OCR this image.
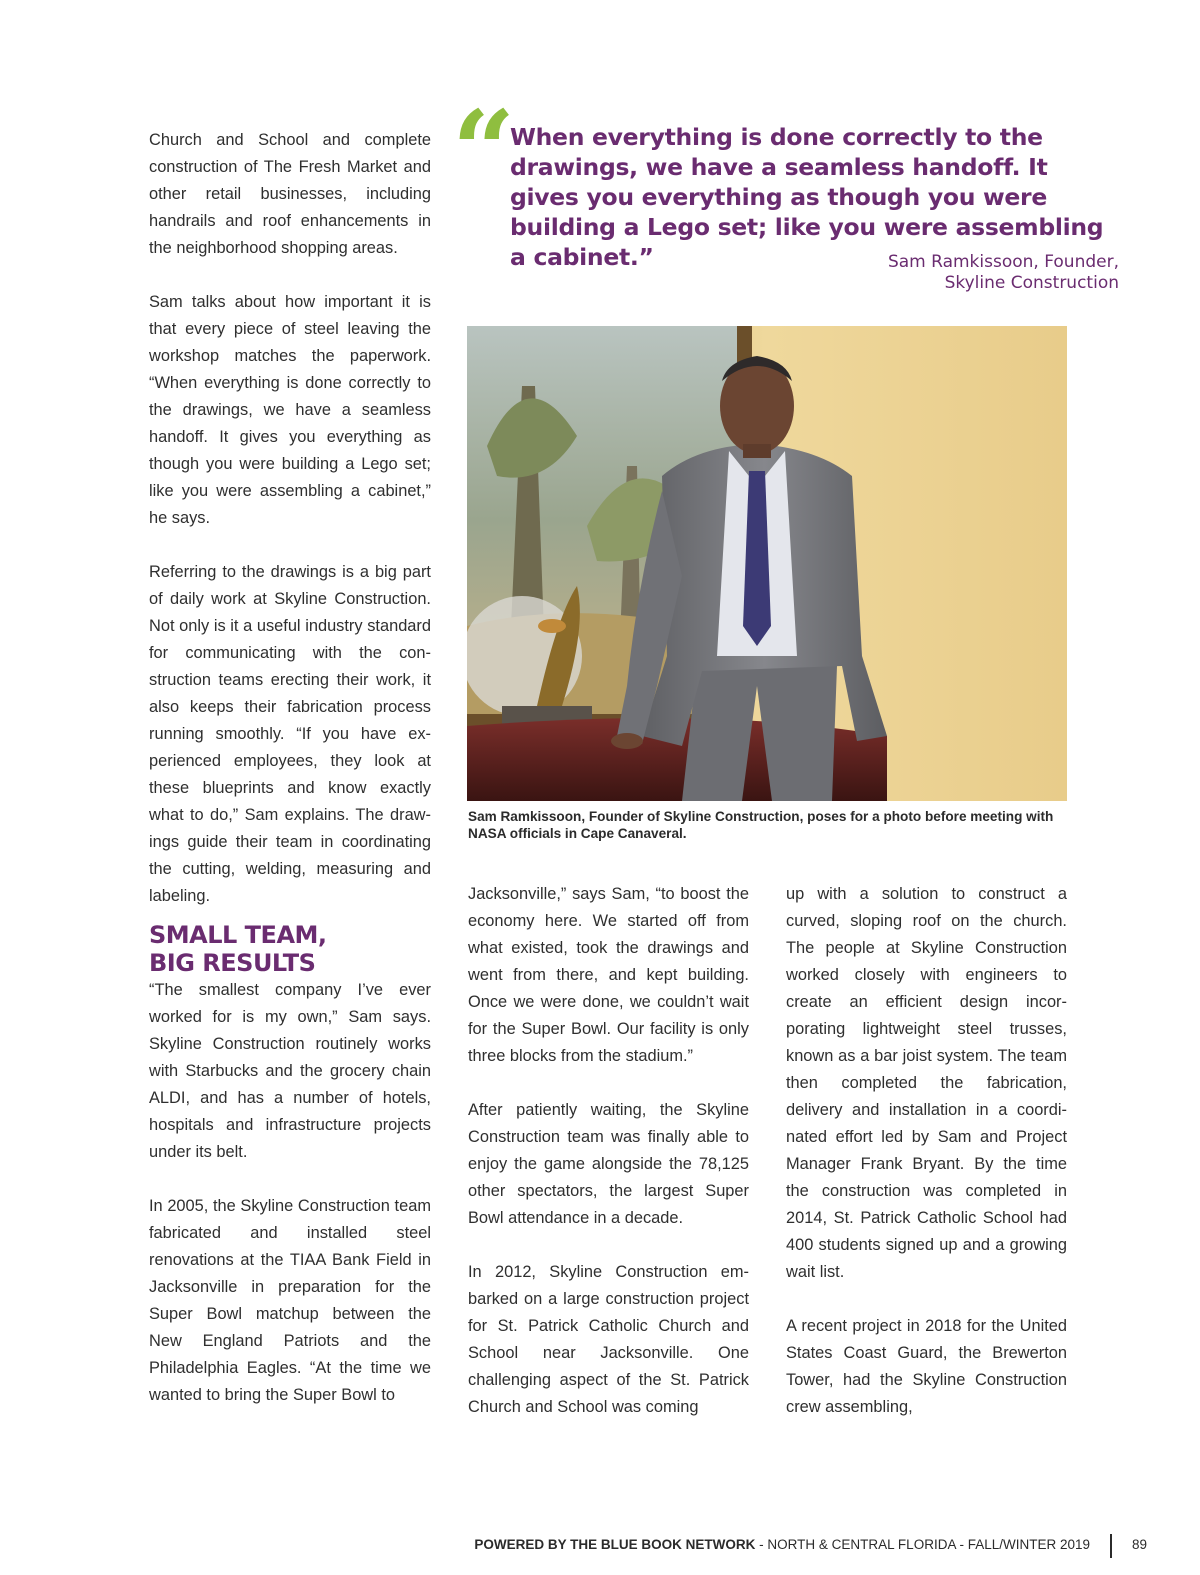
Church and School and complete construction of The Fresh Market and other retail businesses, including handrails and roof enhancements in the neighborhood shopping areas.

Sam talks about how important it is that every piece of steel leaving the workshop matches the paperwork. “When everything is done correctly to the drawings, we have a seamless handoff. It gives you everything as though you were building a Lego set; like you were assembling a cabinet,” he says.

Referring to the drawings is a big part of daily work at Skyline Construction. Not only is it a useful industry standard for communicating with the construction teams erecting their work, it also keeps their fabrication process running smoothly. “If you have experienced employees, they look at these blueprints and know exactly what to do,” Sam explains. The drawings guide their team in coordinating the cutting, welding, measuring and labeling.

SMALL TEAM,
BIG RESULTS

“The smallest company I’ve ever worked for is my own,” Sam says. Skyline Construction routinely works with Starbucks and the grocery chain ALDI, and has a number of hotels, hospitals and infrastructure projects under its belt.

In 2005, the Skyline Construction team fabricated and installed steel renovations at the TIAA Bank Field in Jacksonville in preparation for the Super Bowl matchup between the New England Patriots and the Philadelphia Eagles. “At the time we wanted to bring the Super Bowl to

“

When everything is done correctly to the drawings, we have a seamless handoff. It gives you everything as though you were building a Lego set; like you were assembling a cabinet.”	Sam Ramkissoon, Founder,
Skyline Construction

Sam Ramkissoon, Founder of Skyline Construction, poses for a photo before meeting with NASA officials in Cape Canaveral.

Jacksonville,” says Sam, “to boost the economy here. We started off from what existed, took the drawings and went from there, and kept building. Once we were done, we couldn’t wait for the Super Bowl. Our facility is only three blocks from the stadium.”

After patiently waiting, the Skyline Construction team was finally able to enjoy the game alongside the 78,125 other spectators, the largest Super Bowl attendance in a decade.

In 2012, Skyline Construction embarked on a large construction project for St. Patrick Catholic Church and School near Jacksonville. One challenging aspect of the St. Patrick Church and School was coming

up with a solution to construct a curved, sloping roof on the church. The people at Skyline Construction worked closely with engineers to create an efficient design incorporating lightweight steel trusses, known as a bar joist system. The team then completed the fabrication, delivery and installation in a coordinated effort led by Sam and Project Manager Frank Bryant. By the time the construction was completed in 2014, St. Patrick Catholic School had 400 students signed up and a growing wait list.

A recent project in 2018 for the United States Coast Guard, the Brewerton Tower, had the Skyline Construction crew assembling,

POWERED BY THE BLUE BOOK NETWORK - NORTH & CENTRAL FLORIDA - FALL/WINTER 2019	89
